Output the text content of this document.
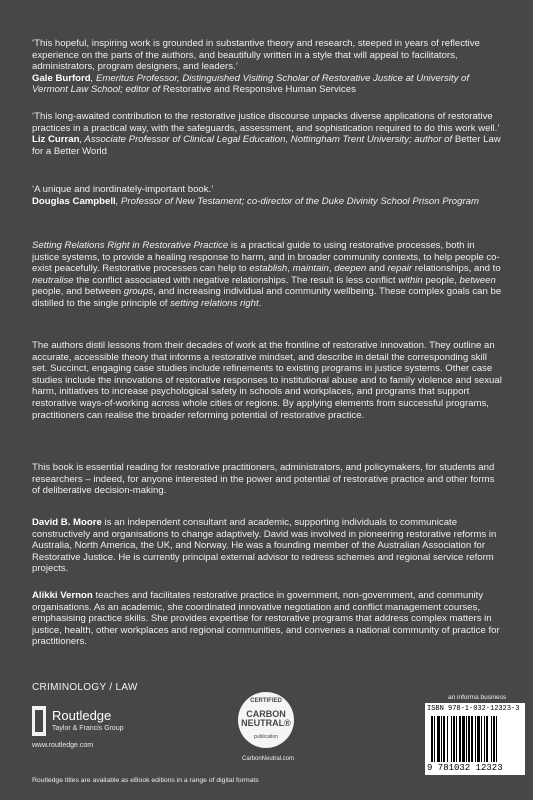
‘This hopeful, inspiring work is grounded in substantive theory and research, steeped in years of reflective experience on the parts of the authors, and beautifully written in a style that will appeal to facilitators, administrators, program designers, and leaders.’

Gale Burford, Emeritus Professor, Distinguished Visiting Scholar of Restorative Justice at University of Vermont Law School; editor of Restorative and Responsive Human Services

‘This long-awaited contribution to the restorative justice discourse unpacks diverse applications of restorative practices in a practical way, with the safeguards, assessment, and sophistication required to do this work well.’

Liz Curran, Associate Professor of Clinical Legal Education, Nottingham Trent University; author of Better Law for a Better World

‘A unique and inordinately-important book.’

Douglas Campbell, Professor of New Testament; co-director of the Duke Divinity School Prison Program

Setting Relations Right in Restorative Practice is a practical guide to using restorative processes, both in justice systems, to provide a healing response to harm, and in broader community contexts, to help people co-exist peacefully. Restorative processes can help to establish, maintain, deepen and repair relationships, and to neutralise the conflict associated with negative relationships. The result is less conflict within people, between people, and between groups, and increasing individual and community wellbeing. These complex goals can be distilled to the single principle of setting relations right.

The authors distil lessons from their decades of work at the frontline of restorative innovation. They outline an accurate, accessible theory that informs a restorative mindset, and describe in detail the corresponding skill set. Succinct, engaging case studies include refinements to existing programs in justice systems. Other case studies include the innovations of restorative responses to institutional abuse and to family violence and sexual harm, initiatives to increase psychological safety in schools and workplaces, and programs that support restorative ways-of-working across whole cities or regions. By applying elements from successful programs, practitioners can realise the broader reforming potential of restorative practice.

This book is essential reading for restorative practitioners, administrators, and policymakers, for students and researchers – indeed, for anyone interested in the power and potential of restorative practice and other forms of deliberative decision-making.

David B. Moore is an independent consultant and academic, supporting individuals to communicate constructively and organisations to change adaptively. David was involved in pioneering restorative reforms in Australia, North America, the UK, and Norway. He was a founding member of the Australian Association for Restorative Justice. He is currently principal external advisor to redress schemes and regional service reform projects.

Alikki Vernon teaches and facilitates restorative practice in government, non-government, and community organisations. As an academic, she coordinated innovative negotiation and conflict management courses, emphasising practice skills. She provides expertise for restorative programs that address complex matters in justice, health, other workplaces and regional communities, and convenes a national community of practice for practitioners.

CRIMINOLOGY / LAW
Routledge
Taylor & Francis Group
www.routledge.com
CERTIFIED
CARBON NEUTRAL®
publication
CarbonNeutral.com
an informa business
ISBN 978-1-032-12323-3
9 781032 12323
Routledge titles are available as eBook editions in a range of digital formats
